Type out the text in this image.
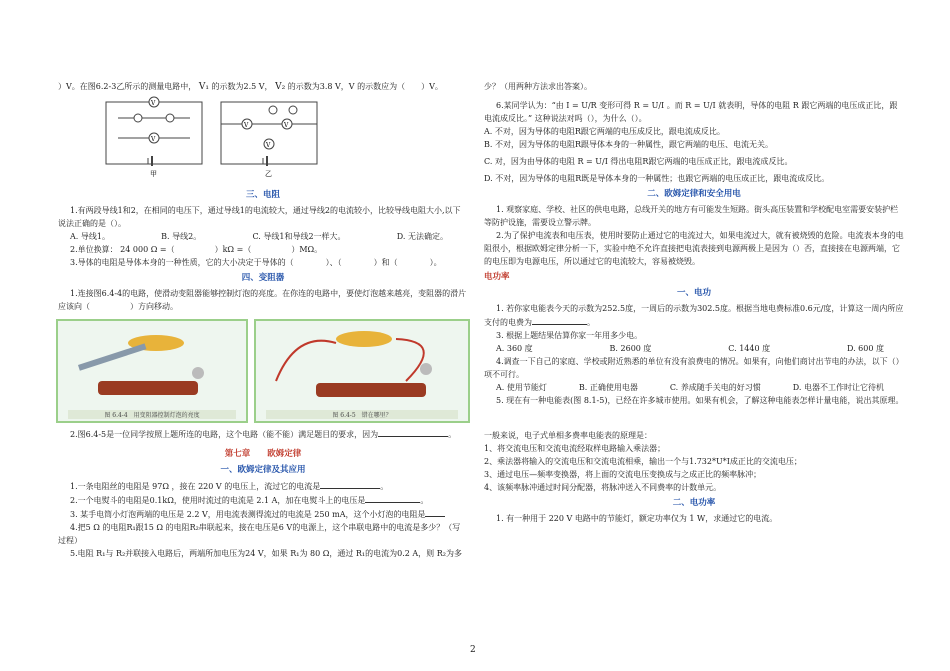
）V。在图6.2-3乙所示的测量电路中， V₁ 的示数为2.5 V， V₂ 的示数为3.8 V，V 的示数应为（　　）V。

V
V
甲
V	V
V
乙
三、电阻

1.有两段导线1和2，在相同的电压下，通过导线1的电流较大，通过导线2的电流较小，比较导线电阻大小,以下说法正确的是（）。

A. 导线1。	B. 导线2。	C. 导线1和导线2一样大。	D. 无法确定。

2.单位换算： 24 000 Ω =（　　　　　）kΩ =（　　　　　）MΩ。

3.导体的电阻是导体本身的一种性质，它的大小决定于导体的（　　　　）、（　　　　）和（　　　　）。

四、变阻器

1.连接图6.4-4的电路，使滑动变阻器能够控制灯泡的亮度。在你连的电路中，要使灯泡越来越亮，变阻器的滑片应该向（　　　　　）方向移动。

图 6.4-4　用变阻器控制灯泡的亮度	图 6.4-5　错在哪里？

2.图6.4-5是一位同学按照上题所连的电路，这个电路（能不能）满足题目的要求，因为	。

第七章　　欧姆定律
一、欧姆定律及其应用

1.一条电阻丝的电阻是 97Ω ，接在 220 V 的电压上，流过它的电流是	。

2.一个电熨斗的电阻是0.1kΩ，使用时流过的电流是 2.1 A，加在电熨斗上的电压是	。

3. 某手电筒小灯泡两端的电压是 2.2 V，用电流表测得流过的电流是 250 mA，这个小灯泡的电阻是

4.把5 Ω 的电阻R₁跟15 Ω 的电阻R₂串联起来，接在电压是6 V的电源上，这个串联电路中的电流是多少？（写过程）

5.电阻 R₁与 R₂并联接入电路后，两端所加电压为24 V，如果 R₁为 80 Ω，通过 R₁的电流为0.2 A，则 R₂为多

少？（用两种方法求出答案）。

6.某同学认为：“由 I = U/R 变形可得 R = U/I 。而 R = U/I 就表明，导体的电阻 R 跟它两端的电压成正比，跟电流成反比。” 这种说法对吗（），为什么（）。

A. 不对，因为导体的电阻R跟它两端的电压成反比，跟电流成反比。

B. 不对，因为导体的电阻R跟导体本身的一种属性，跟它两端的电压、电流无关。

C. 对，因为由导体的电阻 R = U/I 得出电阻R跟它两端的电压成正比，跟电流成反比。

D. 不对，因为导体的电阻R既是导体本身的一种属性；也跟它两端的电压成正比，跟电流成反比。

二、欧姆定律和安全用电

1. 观察家庭、学校、社区的供电电路，总线开关的地方有可能发生短路。街头高压装置和学校配电室需要安装护栏等防护设施，需要设立警示牌。

2.为了保护电流表和电压表，使用时要防止通过它的电流过大，如果电流过大，就有被烧毁的危险。电流表本身的电阻很小，根据欧姆定律分析一下，实验中绝不允许直接把电流表接到电源两极上是因为（）否，直接接在电源两端，它的电压即为电源电压，所以通过它的电流较大，容易被烧毁。

电功率
一、电功

1. 若你家电能表今天的示数为252.5度，一周后的示数为302.5度。根据当地电费标准0.6元/度，计算这一周内所应支付的电费为	。

3. 根据上题结果估算你家一年用多少电。

A. 360 度	B. 2600 度	C. 1440 度	D. 600 度

4.调查一下自己的家庭、学校或附近熟悉的单位有没有浪费电的情况。如果有，向他们商讨出节电的办法，以下（）项不可行。

A. 使用节能灯	B. 正确使用电器	C. 养成随手关电的好习惯	D. 电器不工作时让它待机

5. 现在有一种电能表(图 8.1-5)，已经在许多城市使用。如果有机会，了解这种电能表怎样计量电能，说出其原理。

一般来说，电子式单相多费率电能表的原理是：

1、将交流电压和交流电流经取样电路输入乘法器；

2、乘法器将输入的交流电压和交流电流相乘，输出一个与1.732*U*I成正比的交流电压；

3、通过电压—频率变换器，将上面的交流电压变换成与之成正比的频率脉冲；

4、该频率脉冲通过时间分配器，将脉冲送入不同费率的计数单元。

二、电功率

1. 有一种用于 220 V 电路中的节能灯，额定功率仅为 1 W，求通过它的电流。

2
